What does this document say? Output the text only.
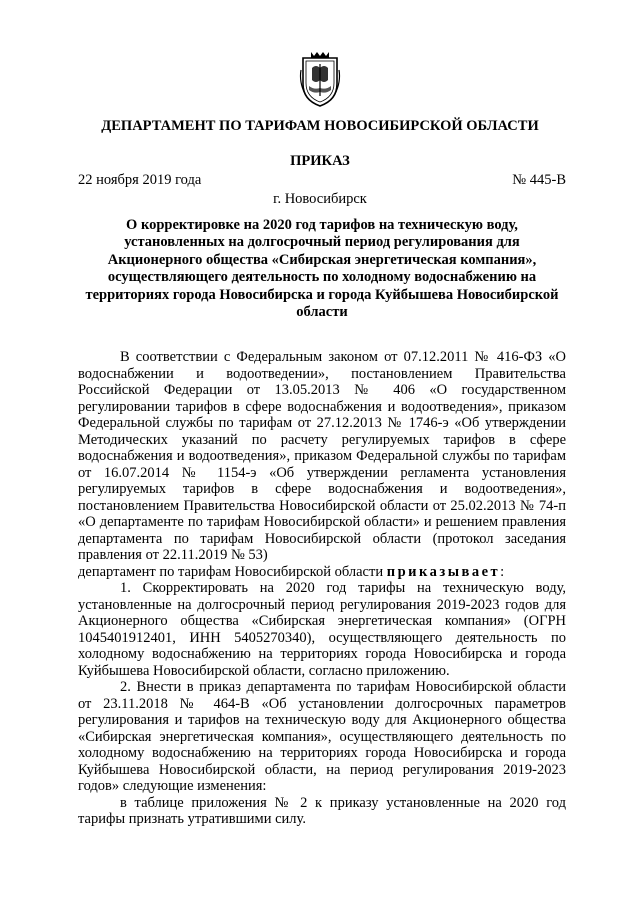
ДЕПАРТАМЕНТ ПО ТАРИФАМ НОВОСИБИРСКОЙ ОБЛАСТИ
ПРИКАЗ
22 ноября 2019 года	№ 445-В
г. Новосибирск
О корректировке на 2020 год тарифов на техническую воду, установленных на долгосрочный период регулирования для Акционерного общества «Сибирская энергетическая компания», осуществляющего деятельность по холодному водоснабжению на территориях города Новосибирска и города Куйбышева Новосибирской области

В соответствии с Федеральным законом от 07.12.2011 № 416-ФЗ «О водоснабжении и водоотведении», постановлением Правительства Российской Федерации от 13.05.2013 № 406 «О государственном регулировании тарифов в сфере водоснабжения и водоотведения», приказом Федеральной службы по тарифам от 27.12.2013 № 1746-э «Об утверждении Методических указаний по расчету регулируемых тарифов в сфере водоснабжения и водоотведения», приказом Федеральной службы по тарифам от 16.07.2014 № 1154-э «Об утверждении регламента установления регулируемых тарифов в сфере водоснабжения и водоотведения», постановлением Правительства Новосибирской области от 25.02.2013 № 74-п «О департаменте по тарифам Новосибирской области» и решением правления департамента по тарифам Новосибирской области (протокол заседания правления от 22.11.2019 № 53)

департамент по тарифам Новосибирской области приказывает:

1. Скорректировать на 2020 год тарифы на техническую воду, установленные на долгосрочный период регулирования 2019-2023 годов для Акционерного общества «Сибирская энергетическая компания» (ОГРН 1045401912401, ИНН 5405270340), осуществляющего деятельность по холодному водоснабжению на территориях города Новосибирска и города Куйбышева Новосибирской области, согласно приложению.

2. Внести в приказ департамента по тарифам Новосибирской области от 23.11.2018 № 464-В «Об установлении долгосрочных параметров регулирования и тарифов на техническую воду для Акционерного общества «Сибирская энергетическая компания», осуществляющего деятельность по холодному водоснабжению на территориях города Новосибирска и города Куйбышева Новосибирской области, на период регулирования 2019-2023 годов» следующие изменения:

в таблице приложения № 2 к приказу установленные на 2020 год тарифы признать утратившими силу.
